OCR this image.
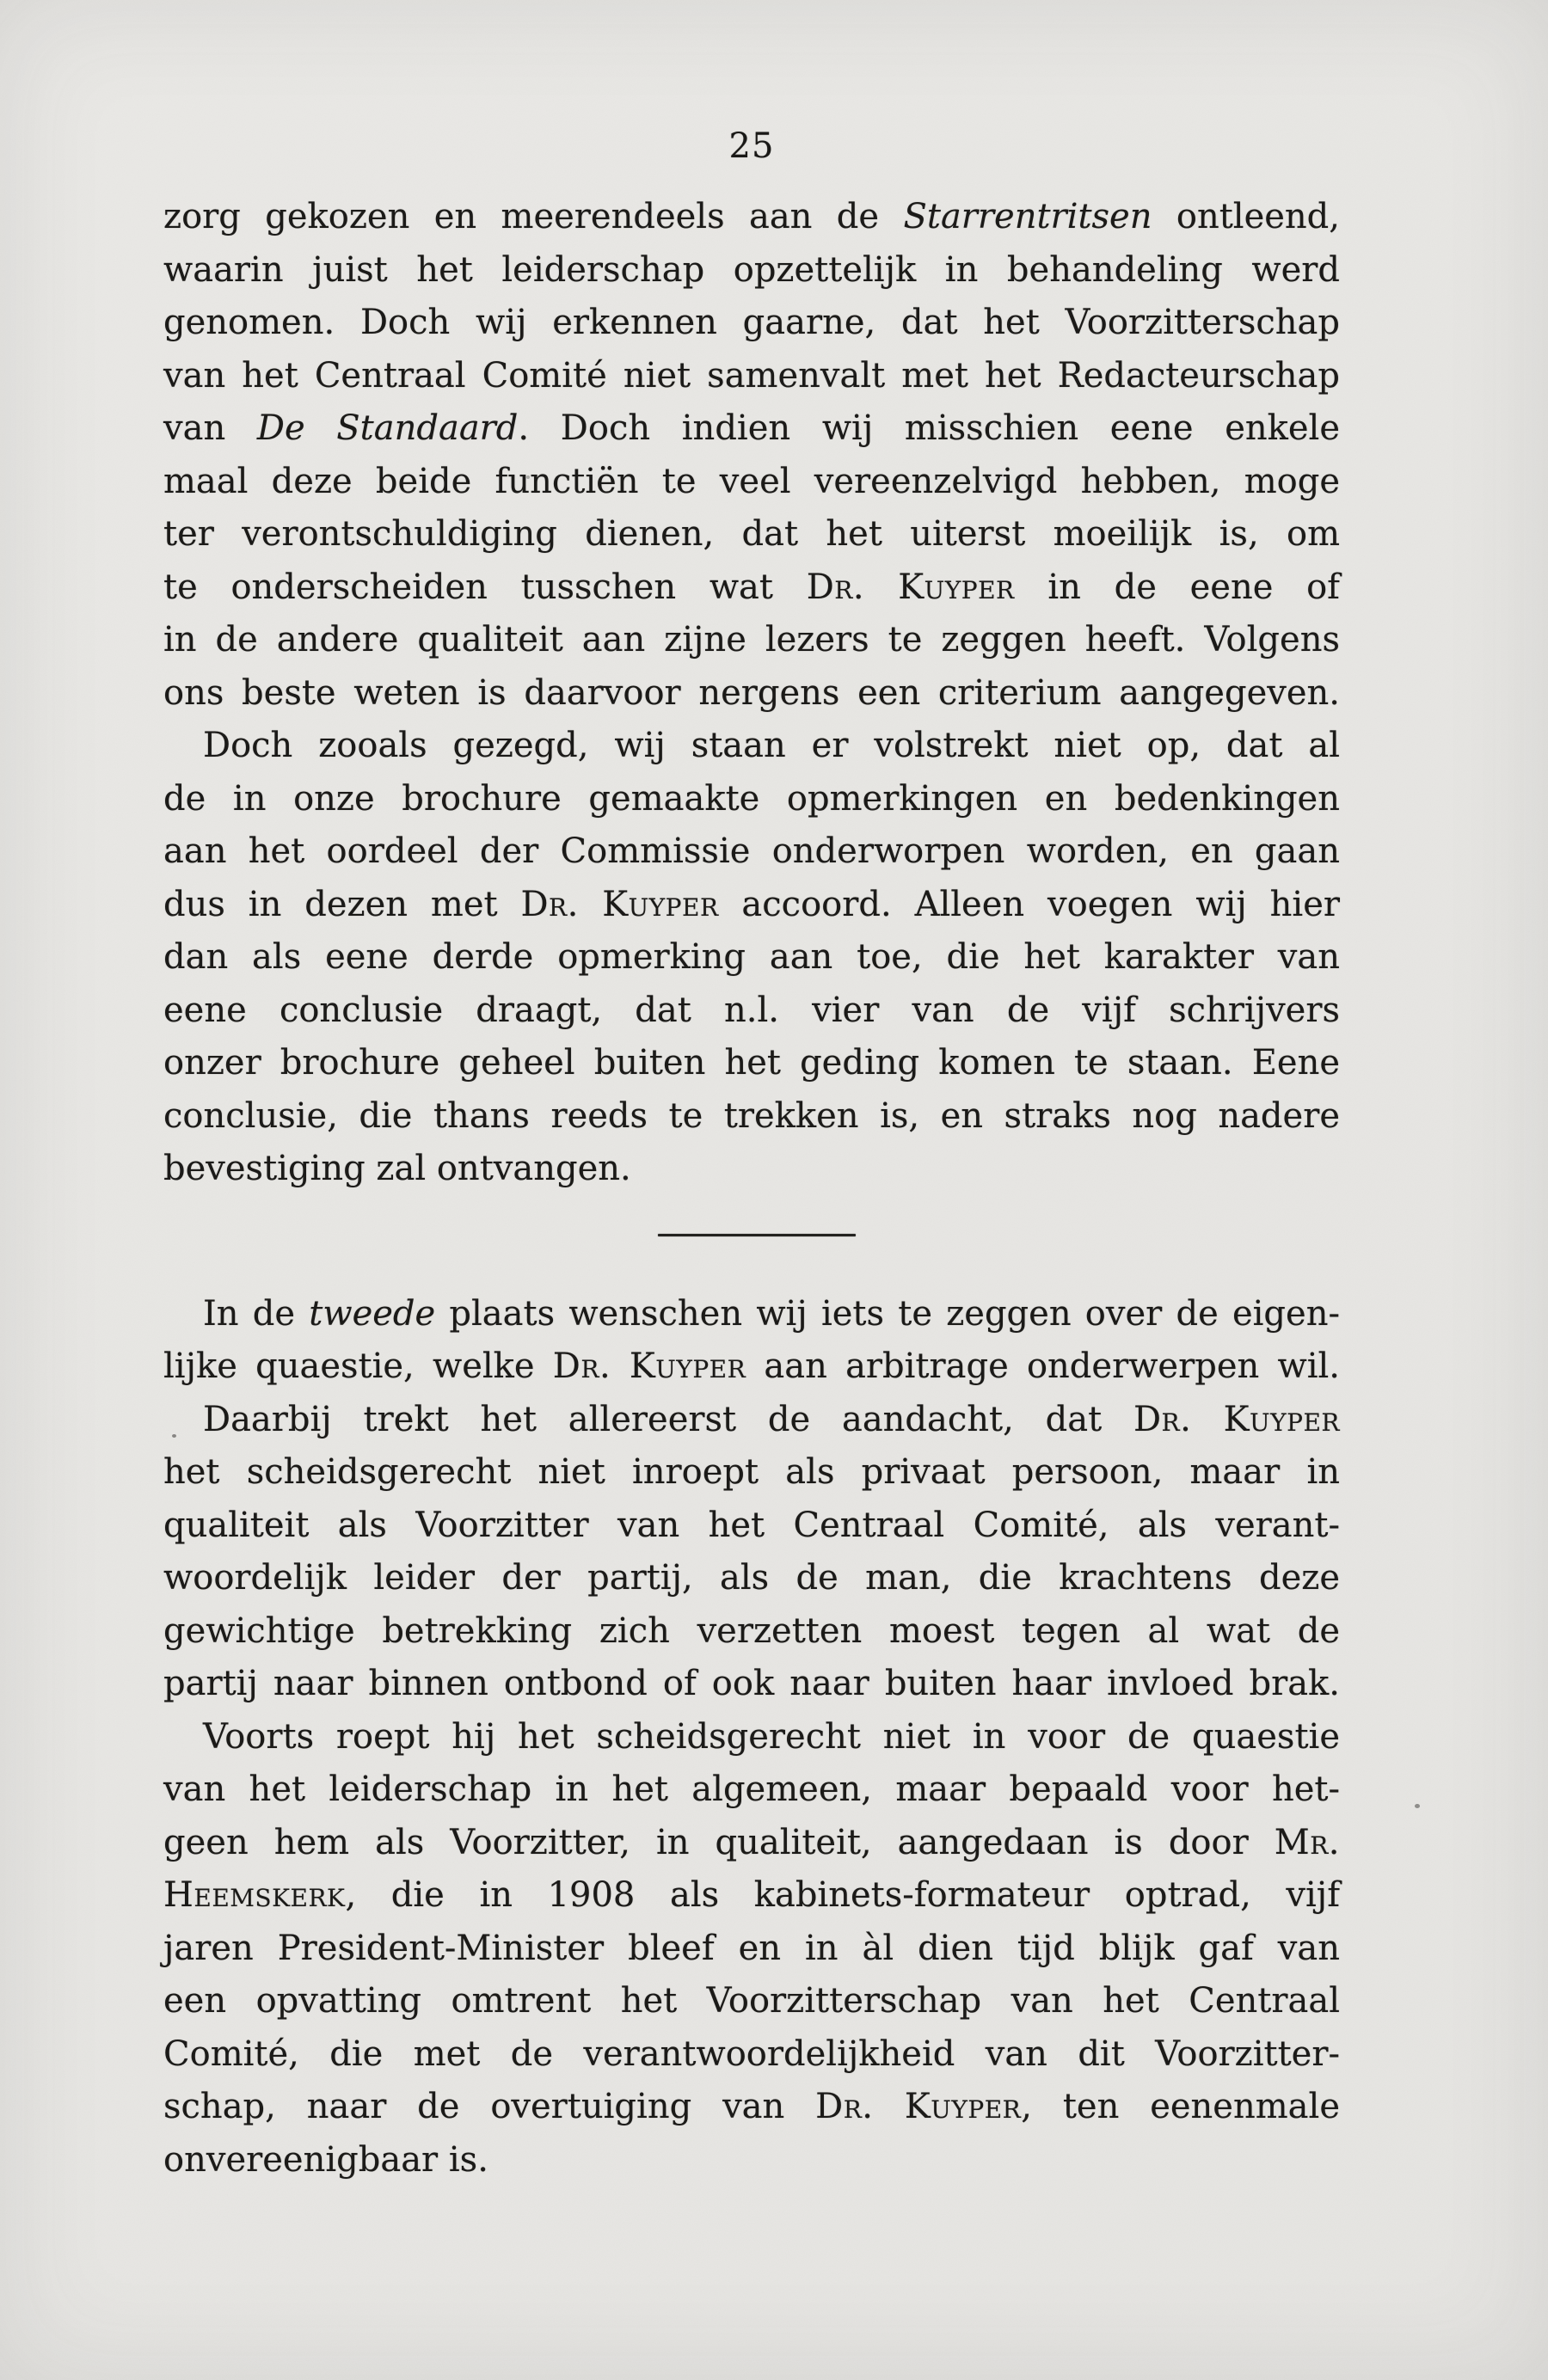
25
zorg gekozen en meerendeels aan de Starrentritsen ontleend,
waarin juist het leiderschap opzettelijk in behandeling werd
genomen. Doch wij erkennen gaarne, dat het Voorzitterschap
van het Centraal Comité niet samenvalt met het Redacteurschap
van De Standaard. Doch indien wij misschien eene enkele
maal deze beide functiën te veel vereenzelvigd hebben, moge
ter verontschuldiging dienen, dat het uiterst moeilijk is, om
te onderscheiden tusschen wat Dr. Kuyper in de eene of
in de andere qualiteit aan zijne lezers te zeggen heeft. Volgens
ons beste weten is daarvoor nergens een criterium aangegeven.
Doch zooals gezegd, wij staan er volstrekt niet op, dat al
de in onze brochure gemaakte opmerkingen en bedenkingen
aan het oordeel der Commissie onderworpen worden, en gaan
dus in dezen met Dr. Kuyper accoord. Alleen voegen wij hier
dan als eene derde opmerking aan toe, die het karakter van
eene conclusie draagt, dat n.l. vier van de vijf schrijvers
onzer brochure geheel buiten het geding komen te staan. Eene
conclusie, die thans reeds te trekken is, en straks nog nadere
bevestiging zal ontvangen.
In de tweede plaats wenschen wij iets te zeggen over de eigen-
lijke quaestie, welke Dr. Kuyper aan arbitrage onderwerpen wil.
Daarbij trekt het allereerst de aandacht, dat Dr. Kuyper
het scheidsgerecht niet inroept als privaat persoon, maar in
qualiteit als Voorzitter van het Centraal Comité, als verant-
woordelijk leider der partij, als de man, die krachtens deze
gewichtige betrekking zich verzetten moest tegen al wat de
partij naar binnen ontbond of ook naar buiten haar invloed brak.
Voorts roept hij het scheidsgerecht niet in voor de quaestie
van het leiderschap in het algemeen, maar bepaald voor het-
geen hem als Voorzitter, in qualiteit, aangedaan is door Mr.
Heemskerk, die in 1908 als kabinets-formateur optrad, vijf
jaren President-Minister bleef en in àl dien tijd blijk gaf van
een opvatting omtrent het Voorzitterschap van het Centraal
Comité, die met de verantwoordelijkheid van dit Voorzitter-
schap, naar de overtuiging van Dr. Kuyper, ten eenenmale
onvereenigbaar is.
